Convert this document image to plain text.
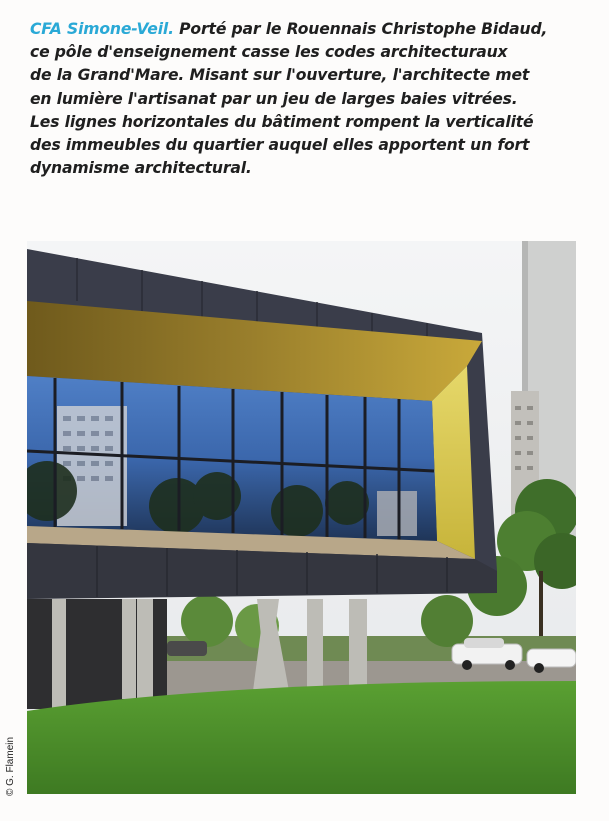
CFA Simone-Veil. Porté par le Rouennais Christophe Bidaud,
ce pôle d'enseignement casse les codes architecturaux
de la Grand'Mare. Misant sur l'ouverture, l'architecte met
en lumière l'artisanat par un jeu de larges baies vitrées.
Les lignes horizontales du bâtiment rompent la verticalité
des immeubles du quartier auquel elles apportent un fort
dynamisme architectural.
© G. Flamein
